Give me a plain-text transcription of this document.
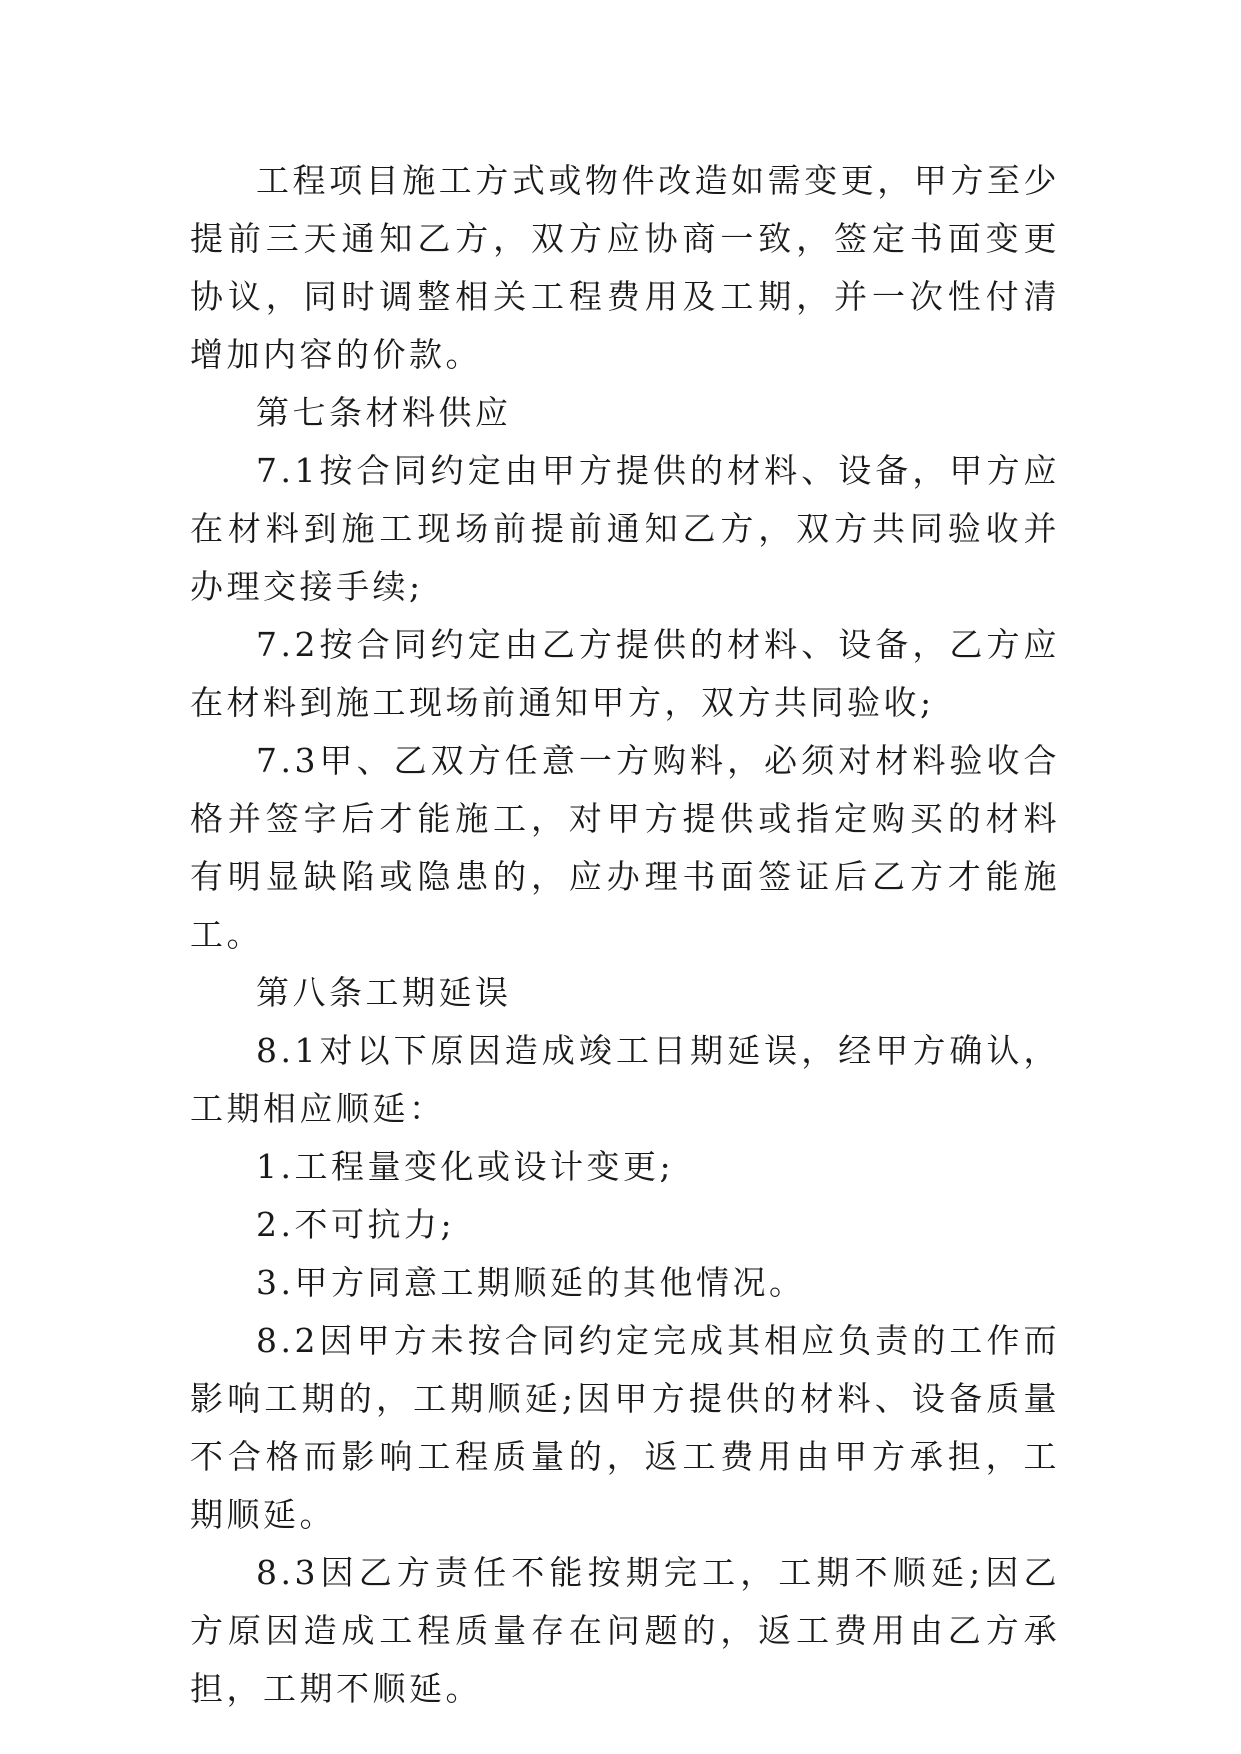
工程项目施工方式或物件改造如需变更，甲方至少提前三天通知乙方，双方应协商一致，签定书面变更协议，同时调整相关工程费用及工期，并一次性付清增加内容的价款。

第七条材料供应

7.1按合同约定由甲方提供的材料、设备，甲方应在材料到施工现场前提前通知乙方，双方共同验收并办理交接手续;

7.2按合同约定由乙方提供的材料、设备，乙方应在材料到施工现场前通知甲方，双方共同验收;

7.3甲、乙双方任意一方购料，必须对材料验收合格并签字后才能施工，对甲方提供或指定购买的材料有明显缺陷或隐患的，应办理书面签证后乙方才能施工。

第八条工期延误

8.1对以下原因造成竣工日期延误，经甲方确认，工期相应顺延：

1.工程量变化或设计变更;

2.不可抗力;

3.甲方同意工期顺延的其他情况。

8.2因甲方未按合同约定完成其相应负责的工作而影响工期的，工期顺延;因甲方提供的材料、设备质量不合格而影响工程质量的，返工费用由甲方承担，工期顺延。

8.3因乙方责任不能按期完工，工期不顺延;因乙方原因造成工程质量存在问题的，返工费用由乙方承担，工期不顺延。
